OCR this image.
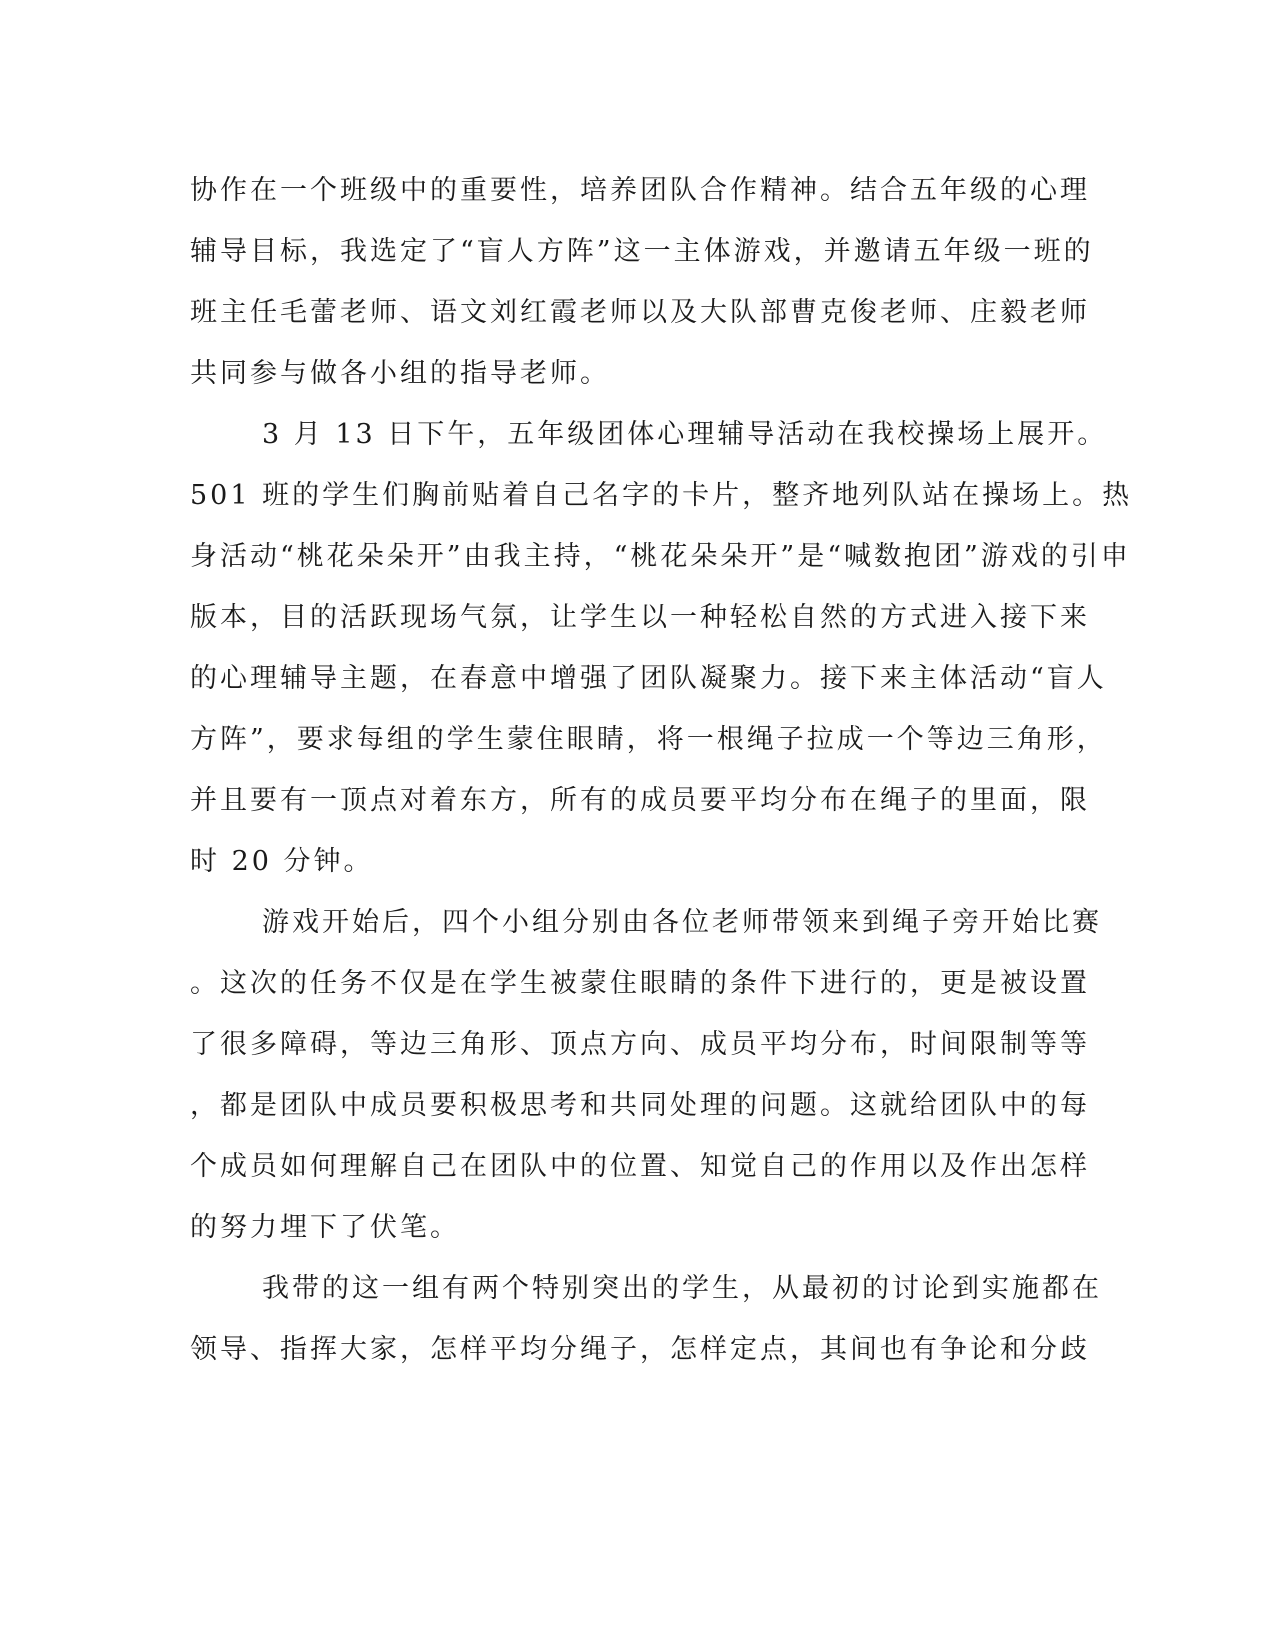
协作在一个班级中的重要性，培养团队合作精神。结合五年级的心理
辅导目标，我选定了“盲人方阵”这一主体游戏，并邀请五年级一班的
班主任毛蕾老师、语文刘红霞老师以及大队部曹克俊老师、庄毅老师
共同参与做各小组的指导老师。
3 月 13 日下午，五年级团体心理辅导活动在我校操场上展开。
501 班的学生们胸前贴着自己名字的卡片，整齐地列队站在操场上。热
身活动“桃花朵朵开”由我主持，“桃花朵朵开”是“喊数抱团”游戏的引申
版本，目的活跃现场气氛，让学生以一种轻松自然的方式进入接下来
的心理辅导主题，在春意中增强了团队凝聚力。接下来主体活动“盲人
方阵”，要求每组的学生蒙住眼睛，将一根绳子拉成一个等边三角形，
并且要有一顶点对着东方，所有的成员要平均分布在绳子的里面，限
时 20 分钟。
游戏开始后，四个小组分别由各位老师带领来到绳子旁开始比赛
。这次的任务不仅是在学生被蒙住眼睛的条件下进行的，更是被设置
了很多障碍，等边三角形、顶点方向、成员平均分布，时间限制等等
，都是团队中成员要积极思考和共同处理的问题。这就给团队中的每
个成员如何理解自己在团队中的位置、知觉自己的作用以及作出怎样
的努力埋下了伏笔。
我带的这一组有两个特别突出的学生，从最初的讨论到实施都在
领导、指挥大家，怎样平均分绳子，怎样定点，其间也有争论和分歧
